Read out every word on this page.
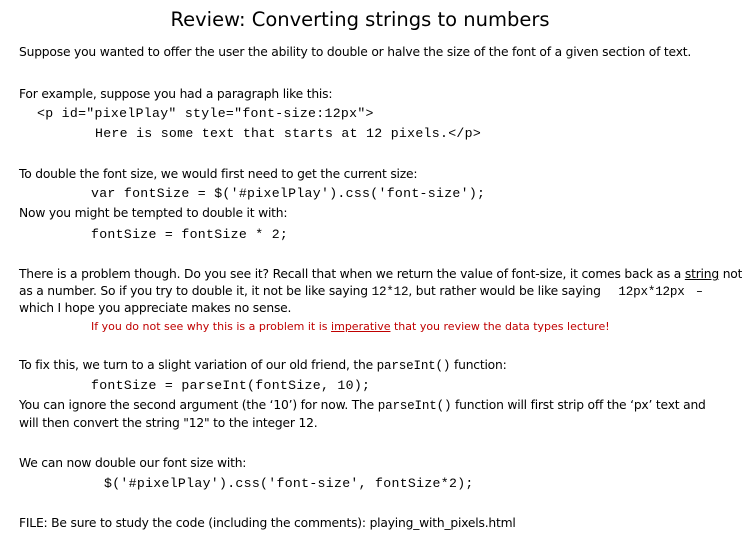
Review: Converting strings to numbers
Suppose you wanted to offer the user the ability to double or halve the size of the font of a given section of text.
For example, suppose you had a paragraph like this:
<p id="pixelPlay" style="font-size:12px">
Here is some text that starts at 12 pixels.</p>
To double the font size, we would first need to get the current size:
var fontSize = $('#pixelPlay').css('font-size');
Now you might be tempted to double it with:
fontSize = fontSize * 2;
There is a problem though. Do you see it? Recall that when we return the value of font-size, it comes back as a string not
as a number. So if you try to double it, it not be like saying 12*12, but rather would be like saying 12px*12px –
which I hope you appreciate makes no sense.
If you do not see why this is a problem it is imperative that you review the data types lecture!
To fix this, we turn to a slight variation of our old friend, the parseInt() function:
fontSize = parseInt(fontSize, 10);
You can ignore the second argument (the ‘10’) for now. The parseInt() function will first strip off the ‘px’ text and
will then convert the string "12" to the integer 12.
We can now double our font size with:
$('#pixelPlay').css('font-size', fontSize*2);
FILE: Be sure to study the code (including the comments): playing_with_pixels.html
